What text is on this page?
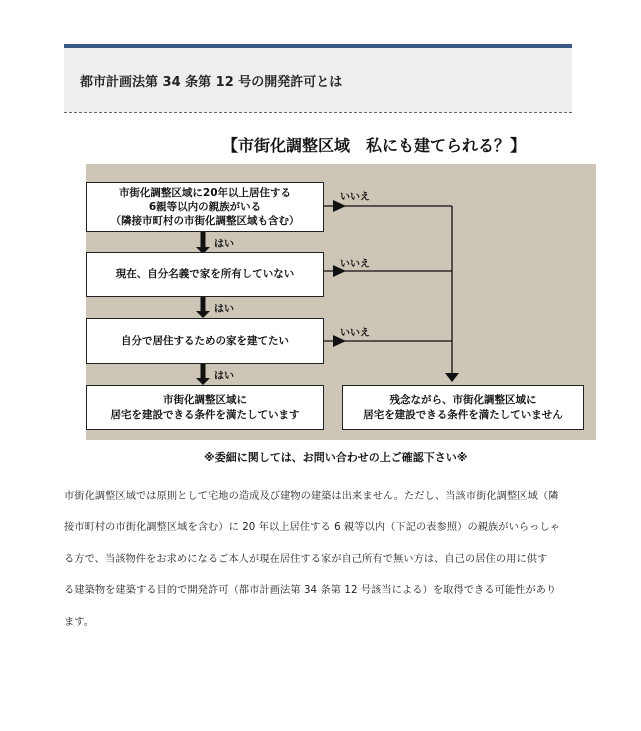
都市計画法第 34 条第 12 号の開発許可とは
【市街化調整区域　私にも建てられる？】
市街化調整区域に20年以上居住する
6親等以内の親族がいる
（隣接市町村の市街化調整区域も含む）
現在、自分名義で家を所有していない
自分で居住するための家を建てたい
市街化調整区域に
居宅を建設できる条件を満たしています
残念ながら、市街化調整区域に
居宅を建設できる条件を満たしていません
はい
はい
はい
いいえ
いいえ
いいえ
※委細に関しては、お問い合わせの上ご確認下さい※
市街化調整区域では原則として宅地の造成及び建物の建築は出来ません。ただし、当該市街化調整区域（隣
接市町村の市街化調整区域を含む）に 20 年以上居住する 6 親等以内（下記の表参照）の親族がいらっしゃ
る方で、当該物件をお求めになるご本人が現在居住する家が自己所有で無い方は、自己の居住の用に供す
る建築物を建築する目的で開発許可（都市計画法第 34 条第 12 号該当による）を取得できる可能性があり
ます。
